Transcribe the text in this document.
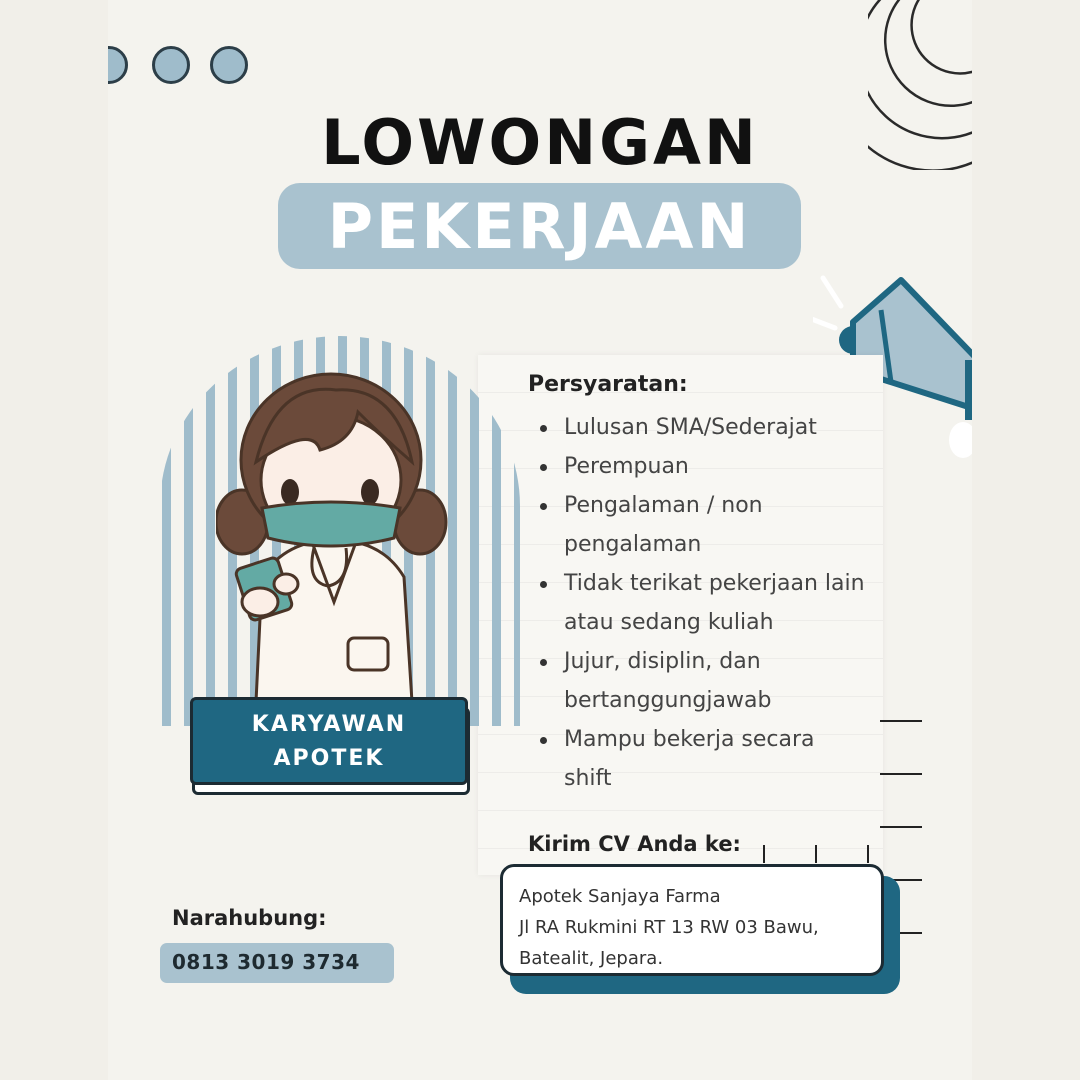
LOWONGAN
PEKERJAAN
Persyaratan:
Lulusan SMA/Sederajat
Perempuan
Pengalaman / non pengalaman
Tidak terikat pekerjaan lain atau sedang kuliah
Jujur, disiplin, dan bertanggungjawab
Mampu bekerja secara shift
KARYAWAN
APOTEK
Narahubung:
0813 3019 3734
Kirim CV Anda ke:
Apotek Sanjaya Farma
Jl RA Rukmini RT 13 RW 03 Bawu,
Batealit, Jepara.
